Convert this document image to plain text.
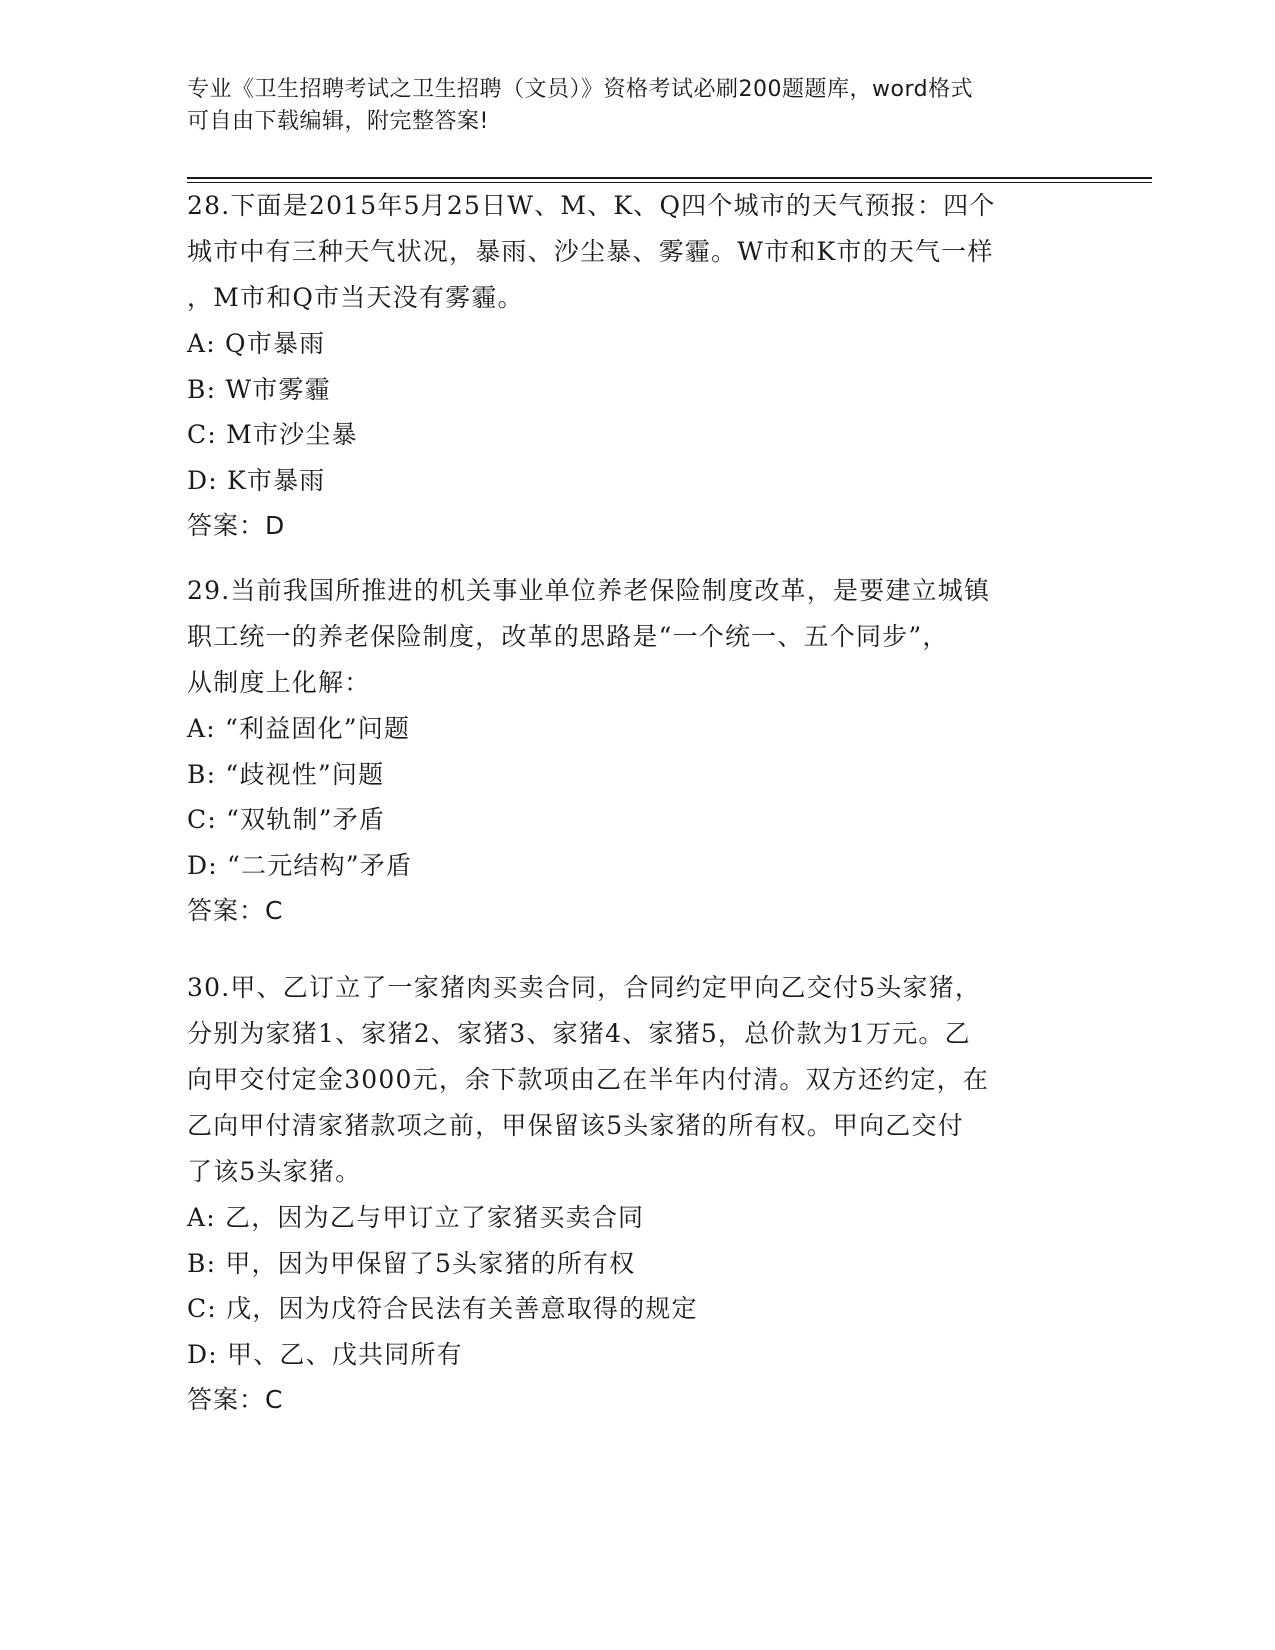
专业《卫生招聘考试之卫生招聘（文员）》资格考试必刷200题题库，word格式
可自由下载编辑，附完整答案!

28.下面是2015年5月25日W、M、K、Q四个城市的天气预报：四个

城市中有三种天气状况，暴雨、沙尘暴、雾霾。W市和K市的天气一样

，M市和Q市当天没有雾霾。

A: Q市暴雨

B: W市雾霾

C: M市沙尘暴

D: K市暴雨

答案：D

29.当前我国所推进的机关事业单位养老保险制度改革，是要建立城镇

职工统一的养老保险制度，改革的思路是“一个统一、五个同步”，

从制度上化解：

A: “利益固化”问题

B: “歧视性”问题

C: “双轨制”矛盾

D: “二元结构”矛盾

答案：C

30.甲、乙订立了一家猪肉买卖合同，合同约定甲向乙交付5头家猪，

分别为家猪1、家猪2、家猪3、家猪4、家猪5，总价款为1万元。乙

向甲交付定金3000元，余下款项由乙在半年内付清。双方还约定，在

乙向甲付清家猪款项之前，甲保留该5头家猪的所有权。甲向乙交付

了该5头家猪。

A: 乙，因为乙与甲订立了家猪买卖合同

B: 甲，因为甲保留了5头家猪的所有权

C: 戊，因为戊符合民法有关善意取得的规定

D: 甲、乙、戊共同所有

答案：C
